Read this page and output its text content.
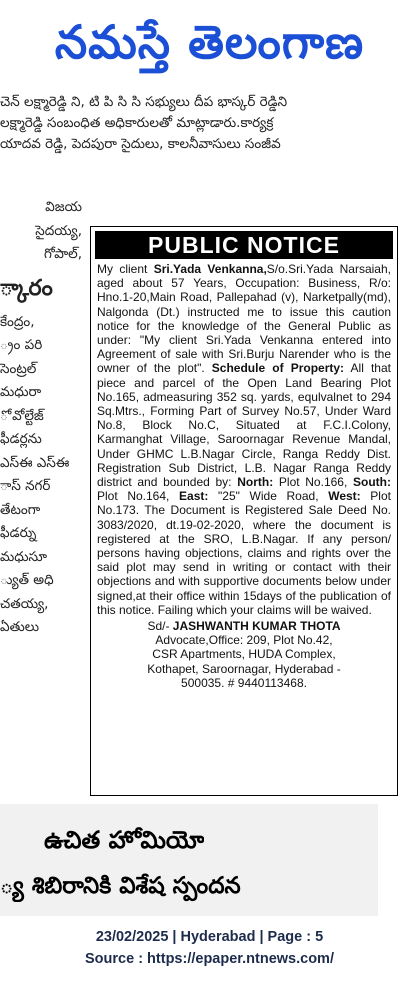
నమస్తే తెలంగాణ
చెన్ లక్ష్మారెడ్డి ని, టి పి సి సి సభ్యులు దీప భాస్కర్ రెడ్డిని
లక్ష్మారెడ్డి సంబంధిత అధికారులతో మాట్లాడారు.కార్యక్ర
యాదవ రెడ్డి, పెదపురా సైదులు, కాలనీవాసులు సంజీవ
విజయ
సైదయ్య,
గోపాల్,
్కారం
కేంద్రం,
్రం పరి
సెంట్రల్
మధురా
ో వోల్టేజ్
ఫీడర్లను
ఎస్ఈ ఎస్ఈ
ాస్ నగర్
తేటంగా
ఫీడర్ను
మధుసూ
్యుత్ అధి
చతయ్య,
ఏతులు
PUBLIC NOTICE
My client Sri.Yada Venkanna,S/o.Sri.Yada Narsaiah, aged about 57 Years, Occupation: Business, R/o: Hno.1-20,Main Road, Pallepahad (v), Narketpally(md), Nalgonda (Dt.) instructed me to issue this caution notice for the knowledge of the General Public as under: "My client Sri.Yada Venkanna entered into Agreement of sale with Sri.Burju Narender who is the owner of the plot". Schedule of Property: All that piece and parcel of the Open Land Bearing Plot No.165, admeasuring 352 sq. yards, equlvalnet to 294 Sq.Mtrs., Forming Part of Survey No.57, Under Ward No.8, Block No.C, Situated at F.C.I.Colony, Karmanghat Village, Saroornagar Revenue Mandal, Under GHMC L.B.Nagar Circle, Ranga Reddy Dist. Registration Sub District, L.B. Nagar Ranga Reddy district and bounded by: North: Plot No.166, South: Plot No.164, East: "25" Wide Road, West: Plot No.173. The Document is Registered Sale Deed No. 3083/2020, dt.19-02-2020, where the document is registered at the SRO, L.B.Nagar. If any person/ persons having objections, claims and rights over the said plot may send in writing or contact with their objections and with supportive documents below under signed,at their office within 15days of the publication of this notice. Failing which your claims will be waived.
Sd/- JASHWANTH KUMAR THOTA
Advocate,Office: 209, Plot No.42,
CSR Apartments, HUDA Complex,
Kothapet, Saroornagar, Hyderabad -
500035. # 9440113468.
ఉచిత హోమియో
్య శిబిరానికి విశేష స్పందన
23/02/2025 | Hyderabad | Page : 5
Source : https://epaper.ntnews.com/
